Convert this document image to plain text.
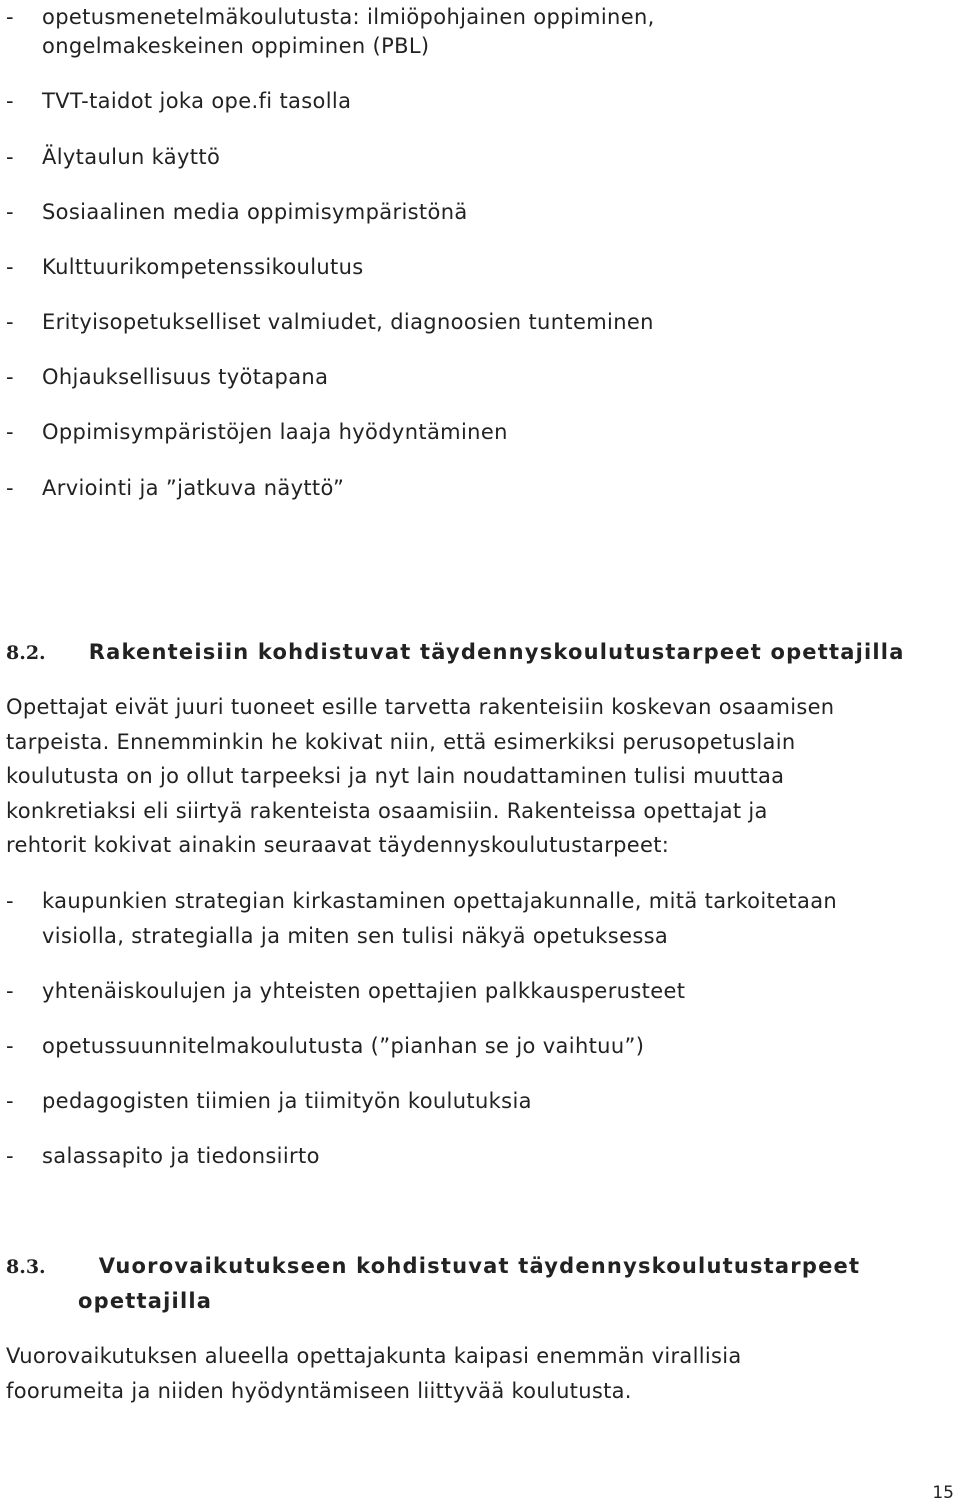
- opetusmenetelmäkoulutusta: ilmiöpohjainen oppiminen,
ongelmakeskeinen oppiminen (PBL)
- TVT-taidot joka ope.fi tasolla
- Älytaulun käyttö
- Sosiaalinen media oppimisympäristönä
- Kulttuurikompetenssikoulutus
- Erityisopetukselliset valmiudet, diagnoosien tunteminen
- Ohjauksellisuus työtapana
- Oppimisympäristöjen laaja hyödyntäminen
- Arviointi ja ”jatkuva näyttö”
8.2. Rakenteisiin kohdistuvat täydennyskoulutustarpeet opettajilla
Opettajat eivät juuri tuoneet esille tarvetta rakenteisiin koskevan osaamisen
tarpeista. Ennemminkin he kokivat niin, että esimerkiksi perusopetuslain
koulutusta on jo ollut tarpeeksi ja nyt lain noudattaminen tulisi muuttaa
konkretiaksi eli siirtyä rakenteista osaamisiin. Rakenteissa opettajat ja
rehtorit kokivat ainakin seuraavat täydennyskoulutustarpeet:
- kaupunkien strategian kirkastaminen opettajakunnalle, mitä tarkoitetaan
visiolla, strategialla ja miten sen tulisi näkyä opetuksessa
- yhtenäiskoulujen ja yhteisten opettajien palkkausperusteet
- opetussuunnitelmakoulutusta (”pianhan se jo vaihtuu”)
- pedagogisten tiimien ja tiimityön koulutuksia
- salassapito ja tiedonsiirto
8.3.	Vuorovaikutukseen kohdistuvat täydennyskoulutustarpeet
opettajilla
Vuorovaikutuksen alueella opettajakunta kaipasi enemmän virallisia
foorumeita ja niiden hyödyntämiseen liittyvää koulutusta.
15
